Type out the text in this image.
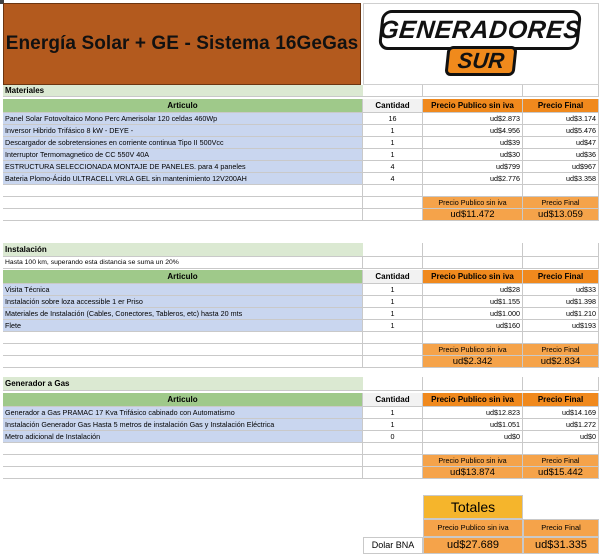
Energía Solar + GE - Sistema 16GeGas GENERADORES
SUR
Materiales
Articulo	Cantidad	Precio Publico sin iva	Precio Final
Panel Solar Fotovoltaico Mono Perc Amerisolar 120 celdas 460Wp	16	ud$2.873	ud$3.174
Inversor Hibrido Trifásico 8 kW - DEYE -	1	ud$4.956	ud$5.476
Descargador de sobretensiones en corriente continua Tipo II 500Vcc	1	ud$39	ud$47
Interruptor Termomagnetico de CC 550V 40A	1	ud$30	ud$36
ESTRUCTURA SELECCIONADA MONTAJE DE PANELES. para 4 paneles	4	ud$799	ud$967
Bateria Plomo-Ácido ULTRACELL VRLA GEL sin mantenimiento 12V200AH	4	ud$2.776	ud$3.358
Precio Publico sin iva	Precio Final
ud$11.472	ud$13.059
Instalación
Hasta 100 km, superando esta distancia se suma un 20%
Articulo	Cantidad	Precio Publico sin iva	Precio Final
Visita Técnica	1	ud$28	ud$33
Instalación sobre loza accessible 1 er Priso	1	ud$1.155	ud$1.398
Materiales de Instalación (Cables, Conectores, Tableros, etc) hasta 20 mts	1	ud$1.000	ud$1.210
Flete	1	ud$160	ud$193
Precio Publico sin iva	Precio Final
ud$2.342	ud$2.834
Generador a Gas
Articulo	Cantidad	Precio Publico sin iva	Precio Final
Generador a Gas PRAMAC 17 Kva Trifásico cabinado con Automatismo	1	ud$12.823	ud$14.169
Instalación Generador Gas Hasta 5 metros de instalación Gas y Instalación Eléctrica	1	ud$1.051	ud$1.272
Metro adicional de Instalación	0	ud$0	ud$0
Precio Publico sin iva	Precio Final
ud$13.874	ud$15.442
Totales
Precio Publico sin iva	Precio Final
Dolar BNA	ud$27.689	ud$31.335
